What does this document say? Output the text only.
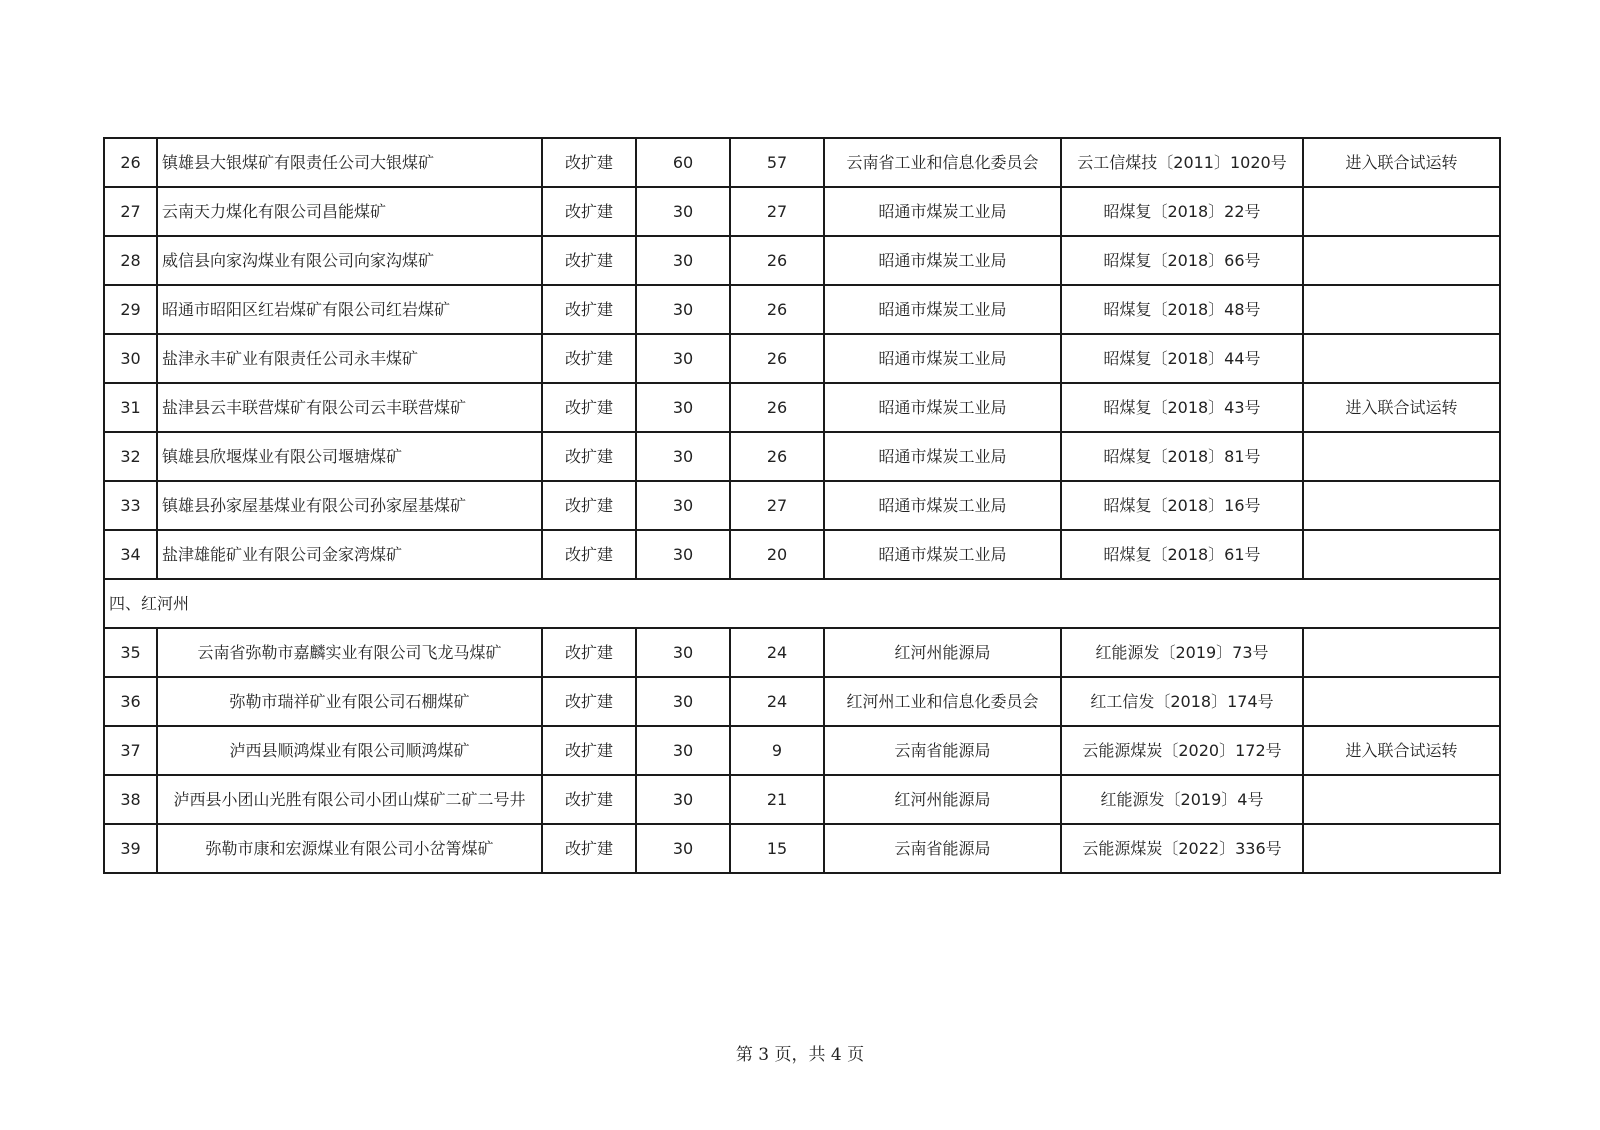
26	镇雄县大银煤矿有限责任公司大银煤矿	改扩建	60	57	云南省工业和信息化委员会	云工信煤技〔2011〕1020号	进入联合试运转
27	云南天力煤化有限公司昌能煤矿	改扩建	30	27	昭通市煤炭工业局	昭煤复〔2018〕22号	
28	威信县向家沟煤业有限公司向家沟煤矿	改扩建	30	26	昭通市煤炭工业局	昭煤复〔2018〕66号	
29	昭通市昭阳区红岩煤矿有限公司红岩煤矿	改扩建	30	26	昭通市煤炭工业局	昭煤复〔2018〕48号	
30	盐津永丰矿业有限责任公司永丰煤矿	改扩建	30	26	昭通市煤炭工业局	昭煤复〔2018〕44号	
31	盐津县云丰联营煤矿有限公司云丰联营煤矿	改扩建	30	26	昭通市煤炭工业局	昭煤复〔2018〕43号	进入联合试运转
32	镇雄县欣堰煤业有限公司堰塘煤矿	改扩建	30	26	昭通市煤炭工业局	昭煤复〔2018〕81号	
33	镇雄县孙家屋基煤业有限公司孙家屋基煤矿	改扩建	30	27	昭通市煤炭工业局	昭煤复〔2018〕16号	
34	盐津雄能矿业有限公司金家湾煤矿	改扩建	30	20	昭通市煤炭工业局	昭煤复〔2018〕61号	
四、红河州							
35	云南省弥勒市嘉麟实业有限公司飞龙马煤矿	改扩建	30	24	红河州能源局	红能源发〔2019〕73号	
36	弥勒市瑞祥矿业有限公司石棚煤矿	改扩建	30	24	红河州工业和信息化委员会	红工信发〔2018〕174号	
37	泸西县顺鸿煤业有限公司顺鸿煤矿	改扩建	30	9	云南省能源局	云能源煤炭〔2020〕172号	进入联合试运转
38	泸西县小团山光胜有限公司小团山煤矿二矿二号井	改扩建	30	21	红河州能源局	红能源发〔2019〕4号	
39	弥勒市康和宏源煤业有限公司小岔箐煤矿	改扩建	30	15	云南省能源局	云能源煤炭〔2022〕336号	
第 3 页，共 4 页
